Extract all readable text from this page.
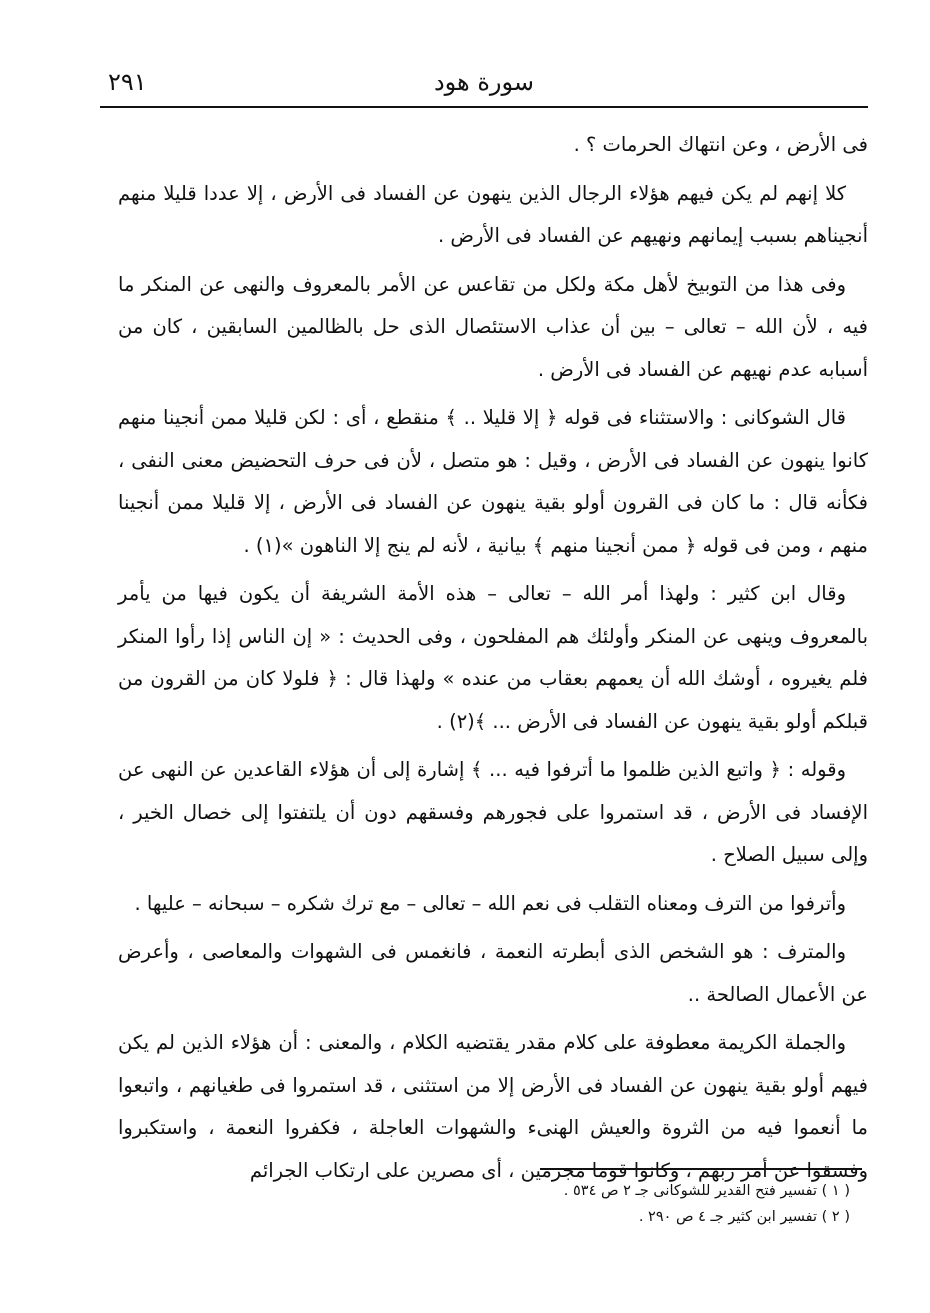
سورة هود
٢٩١

فى الأرض ، وعن انتهاك الحرمات ؟ .

كلا إنهم لم يكن فيهم هؤلاء الرجال الذين ينهون عن الفساد فى الأرض ، إلا عددا قليلا منهم أنجيناهم بسبب إيمانهم ونهيهم عن الفساد فى الأرض .

وفى هذا من التوبيخ لأهل مكة ولكل من تقاعس عن الأمر بالمعروف والنهى عن المنكر ما فيه ، لأن الله – تعالى – بين أن عذاب الاستئصال الذى حل بالظالمين السابقين ، كان من أسبابه عدم نهيهم عن الفساد فى الأرض .

قال الشوكانى : والاستثناء فى قوله ﴿ إلا قليلا .. ﴾ منقطع ، أى : لكن قليلا ممن أنجينا منهم كانوا ينهون عن الفساد فى الأرض ، وقيل : هو متصل ، لأن فى حرف التحضيض معنى النفى ، فكأنه قال : ما كان فى القرون أولو بقية ينهون عن الفساد فى الأرض ، إلا قليلا ممن أنجينا منهم ، ومن فى قوله ﴿ ممن أنجينا منهم ﴾ بيانية ، لأنه لم ينج إلا الناهون »(١) .

وقال ابن كثير : ولهذا أمر الله – تعالى – هذه الأمة الشريفة أن يكون فيها من يأمر بالمعروف وينهى عن المنكر وأولئك هم المفلحون ، وفى الحديث : « إن الناس إذا رأوا المنكر فلم يغيروه ، أوشك الله أن يعمهم بعقاب من عنده » ولهذا قال : ﴿ فلولا كان من القرون من قبلكم أولو بقية ينهون عن الفساد فى الأرض ... ﴾(٢) .

وقوله : ﴿ واتبع الذين ظلموا ما أترفوا فيه ... ﴾ إشارة إلى أن هؤلاء القاعدين عن النهى عن الإفساد فى الأرض ، قد استمروا على فجورهم وفسقهم دون أن يلتفتوا إلى خصال الخير ، وإلى سبيل الصلاح .

وأترفوا من الترف ومعناه التقلب فى نعم الله – تعالى – مع ترك شكره – سبحانه – عليها .

والمترف : هو الشخص الذى أبطرته النعمة ، فانغمس فى الشهوات والمعاصى ، وأعرض عن الأعمال الصالحة ..

والجملة الكريمة معطوفة على كلام مقدر يقتضيه الكلام ، والمعنى : أن هؤلاء الذين لم يكن فيهم أولو بقية ينهون عن الفساد فى الأرض إلا من استثنى ، قد استمروا فى طغيانهم ، واتبعوا ما أنعموا فيه من الثروة والعيش الهنىء والشهوات العاجلة ، فكفروا النعمة ، واستكبروا وفسقوا عن أمر ربهم ، وكانوا قوما مجرمين ، أى مصرين على ارتكاب الجرائم

( ١ ) تفسير فتح القدير للشوكانى جـ ٢ ص ٥٣٤ .
( ٢ ) تفسير ابن كثير جـ ٤ ص ٢٩٠ .
